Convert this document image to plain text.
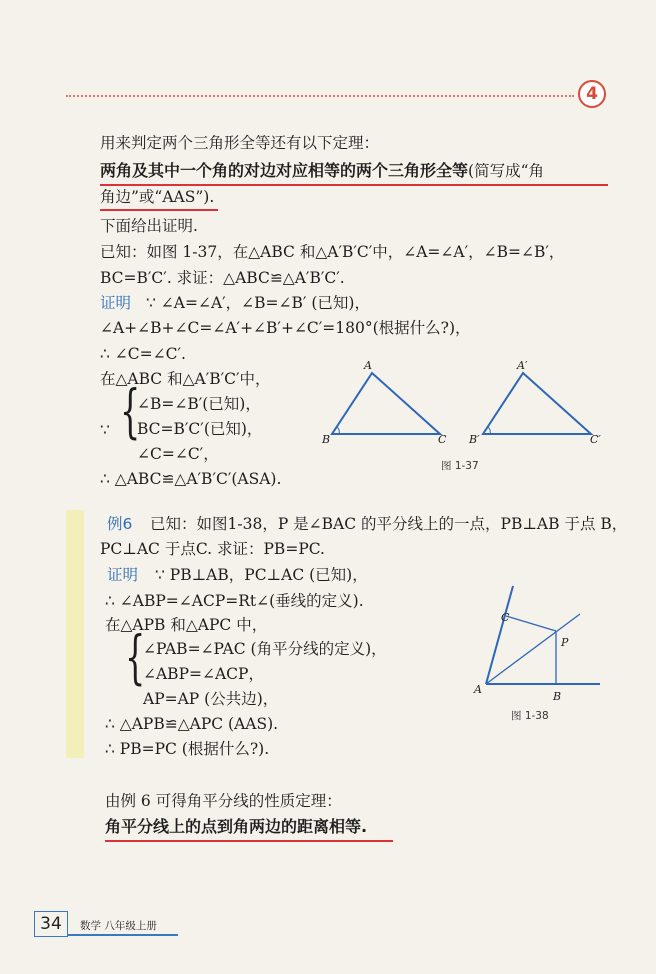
4
用来判定两个三角形全等还有以下定理：
两角及其中一个角的对边对应相等的两个三角形全等(简写成“角
角边”或“AAS”).
下面给出证明.
已知：如图 1-37，在△ABC 和△A′B′C′中，∠A=∠A′，∠B=∠B′，
BC=B′C′. 求证：△ABC≌△A′B′C′.
证明 ∵ ∠A=∠A′，∠B=∠B′ (已知)，
∠A+∠B+∠C=∠A′+∠B′+∠C′=180°(根据什么?)，
∴ ∠C=∠C′.
在△ABC 和△A′B′C′中，
∵ {
∠B=∠B′(已知)，
BC=B′C′(已知)，
∠C=∠C′，
∴ △ABC≌△A′B′C′(ASA).
A
B	C
A′
B′	C′
图 1-37
例6 已知：如图1-38，P 是∠BAC 的平分线上的一点，PB⊥AB 于点 B，
PC⊥AC 于点C. 求证：PB=PC.
证明 ∵ PB⊥AB，PC⊥AC (已知)，
∴ ∠ABP=∠ACP=Rt∠(垂线的定义).
在△APB 和△APC 中，
{
∠PAB=∠PAC (角平分线的定义)，
∠ABP=∠ACP，
AP=AP (公共边)，
∴ △APB≌△APC (AAS).
∴ PB=PC (根据什么?).
A
B
C
P
图 1-38
由例 6 可得角平分线的性质定理：
角平分线上的点到角两边的距离相等.
34	数学 八年级上册
